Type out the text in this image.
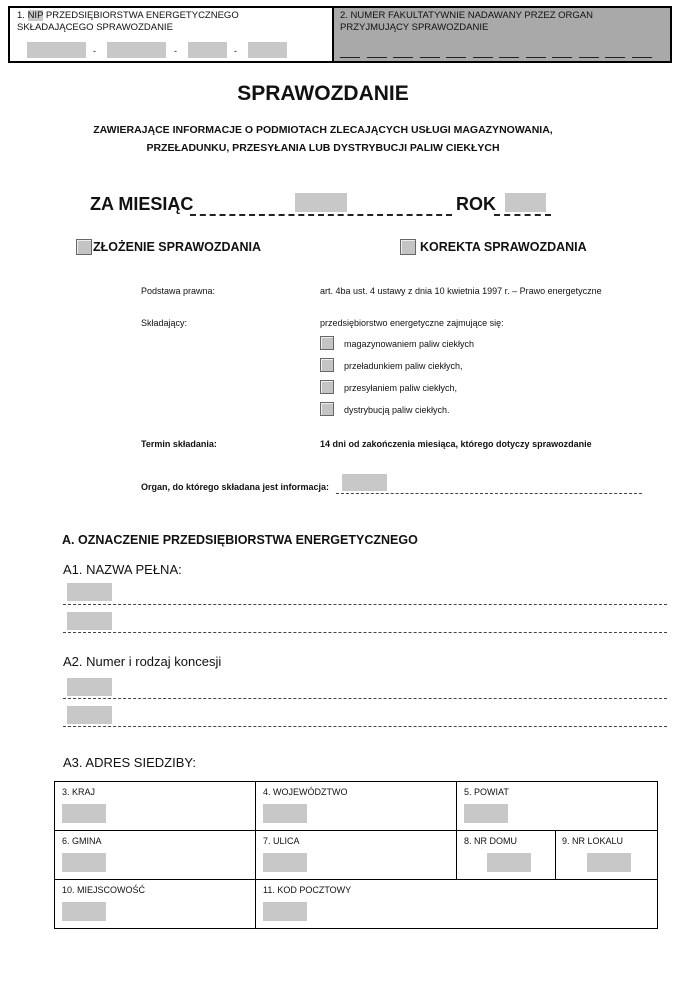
1. NIP PRZEDSIĘBIORSTWA ENERGETYCZNEGO SKŁADAJĄCEGO SPRAWOZDANIE
-	-	-
2. NUMER FAKULTATYWNIE NADAWANY PRZEZ ORGAN PRZYJMUJĄCY SPRAWOZDANIE
SPRAWOZDANIE
ZAWIERAJĄCE INFORMACJE O PODMIOTACH ZLECAJĄCYCH USŁUGI MAGAZYNOWANIA,
PRZEŁADUNKU, PRZESYŁANIA LUB DYSTRYBUCJI PALIW CIEKŁYCH
ZA MIESIĄC	ROK
ZŁOŻENIE SPRAWOZDANIA	KOREKTA SPRAWOZDANIA
Podstawa prawna:	art. 4ba ust. 4 ustawy z dnia 10 kwietnia 1997 r. – Prawo energetyczne
Składający:	przedsiębiorstwo energetyczne zajmujące się:
magazynowaniem paliw ciekłych
przeładunkiem paliw ciekłych,
przesyłaniem paliw ciekłych,
dystrybucją paliw ciekłych.
Termin składania:	14 dni od zakończenia miesiąca, którego dotyczy sprawozdanie
Organ, do którego składana jest informacja:
A. OZNACZENIE PRZEDSIĘBIORSTWA ENERGETYCZNEGO
A1. NAZWA PEŁNA:
A2. Numer i rodzaj koncesji
A3. ADRES SIEDZIBY:
3. KRAJ	4. WOJEWÓDZTWO	5. POWIAT
6. GMINA	7. ULICA	8. NR DOMU	9. NR LOKALU
10. MIEJSCOWOŚĆ	11. KOD POCZTOWY
